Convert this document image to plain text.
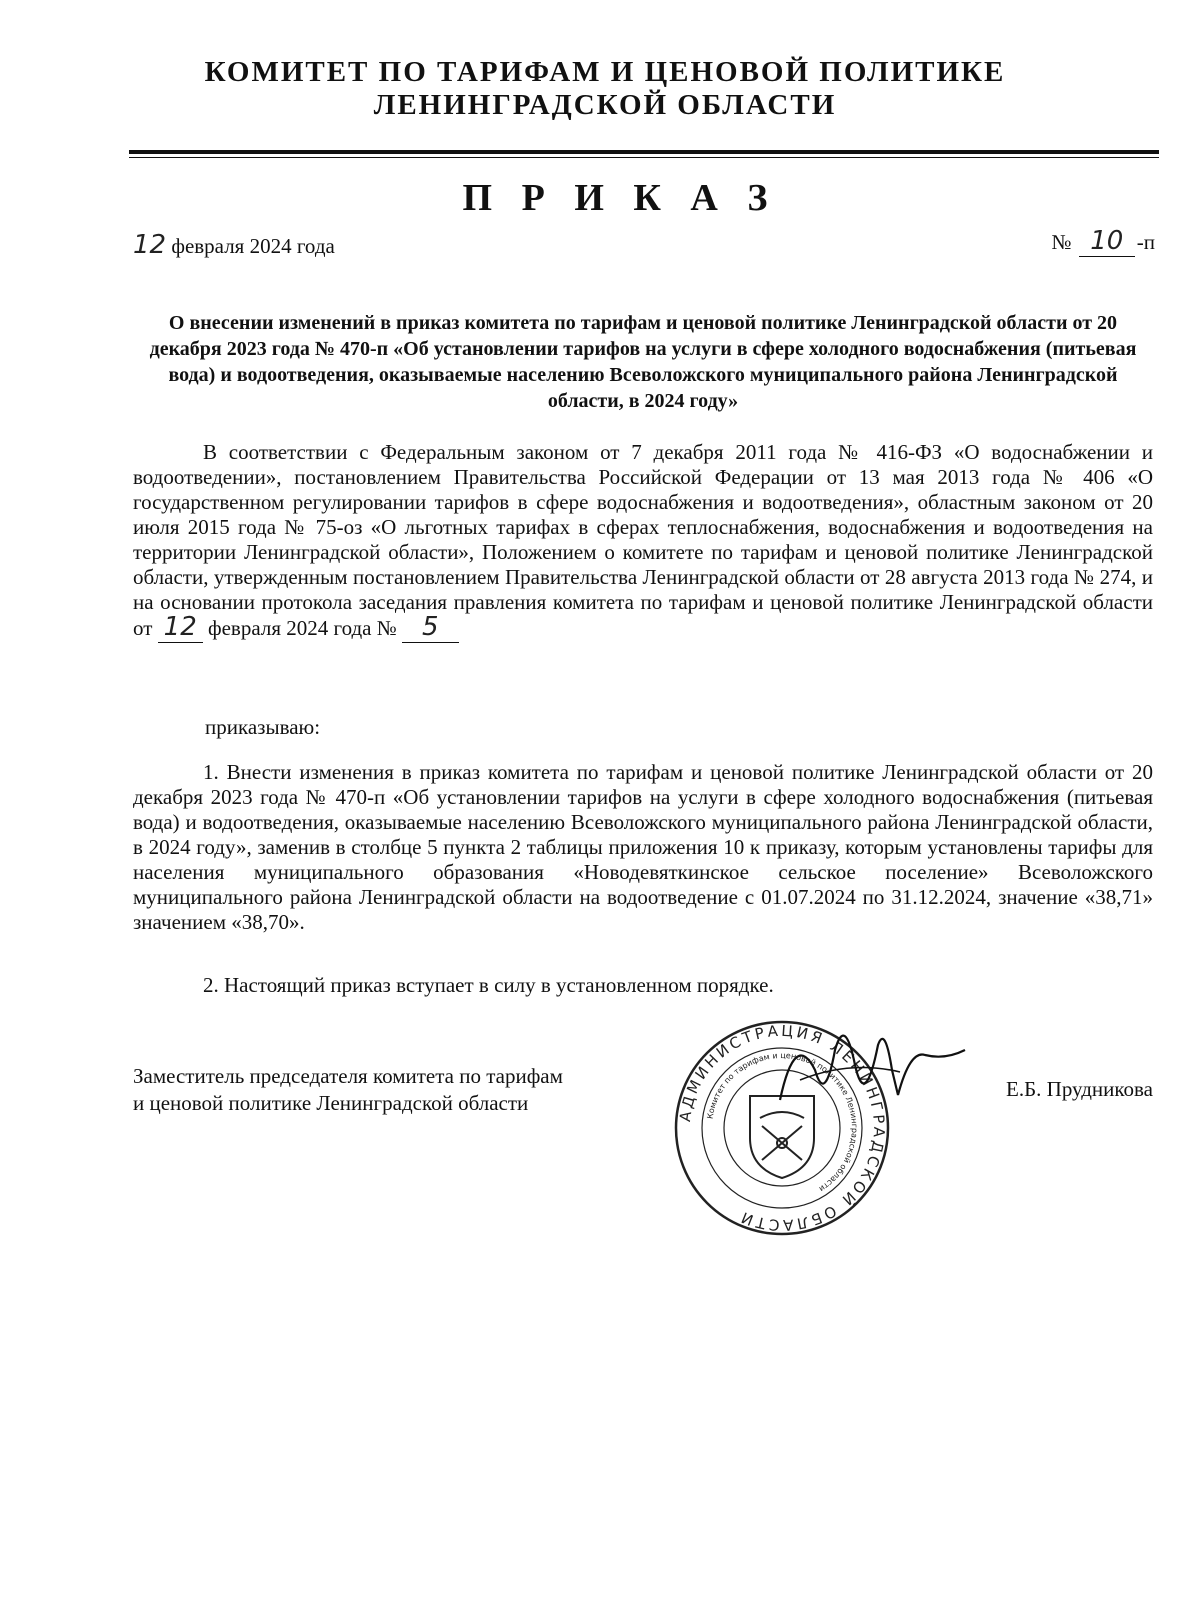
КОМИТЕТ ПО ТАРИФАМ И ЦЕНОВОЙ ПОЛИТИКЕ
ЛЕНИНГРАДСКОЙ ОБЛАСТИ
П Р И К А З
12 февраля 2024 года	№ 10 -п
О внесении изменений в приказ комитета по тарифам и ценовой политике Ленинградской области от 20 декабря 2023 года № 470-п «Об установлении тарифов на услуги в сфере холодного водоснабжения (питьевая вода) и водоотведения, оказываемые населению Всеволожского муниципального района Ленинградской области, в 2024 году»
В соответствии с Федеральным законом от 7 декабря 2011 года № 416-ФЗ «О водоснабжении и водоотведении», постановлением Правительства Российской Федерации от 13 мая 2013 года № 406 «О государственном регулировании тарифов в сфере водоснабжения и водоотведения», областным законом от 20 июля 2015 года № 75-оз «О льготных тарифах в сферах теплоснабжения, водоснабжения и водоотведения на территории Ленинградской области», Положением о комитете по тарифам и ценовой политике Ленинградской области, утвержденным постановлением Правительства Ленинградской области от 28 августа 2013 года № 274, и на основании протокола заседания правления комитета по тарифам и ценовой политике Ленинградской области от 12 февраля 2024 года № 5
приказываю:
1. Внести изменения в приказ комитета по тарифам и ценовой политике Ленинградской области от 20 декабря 2023 года № 470-п «Об установлении тарифов на услуги в сфере холодного водоснабжения (питьевая вода) и водоотведения, оказываемые населению Всеволожского муниципального района Ленинградской области, в 2024 году», заменив в столбце 5 пункта 2 таблицы приложения 10 к приказу, которым установлены тарифы для населения муниципального образования «Новодевяткинское сельское поселение» Всеволожского муниципального района Ленинградской области на водоотведение с 01.07.2024 по 31.12.2024, значение «38,71» значением «38,70».
2. Настоящий приказ вступает в силу в установленном порядке.
Заместитель председателя комитета по тарифам
и ценовой политике Ленинградской области
АДМИНИСТРАЦИЯ ЛЕНИНГРАДСКОЙ ОБЛАСТИ
Комитет по тарифам и ценовой политике Ленинградской области
Е.Б. Прудникова
